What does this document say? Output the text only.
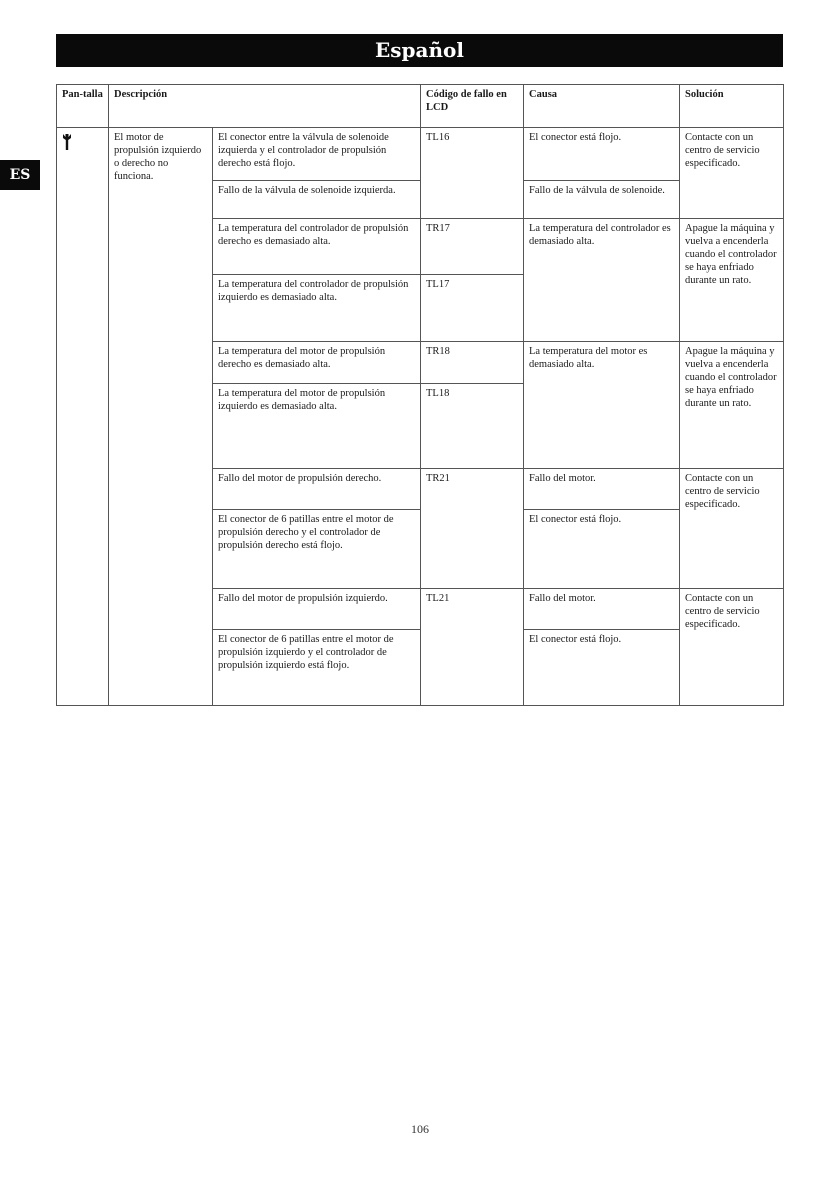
Español
ES
Pan-talla	Descripción		Código de fallo en LCD	Causa	Solución

	El motor de propulsión izquierdo o derecho no funciona.	El conector entre la válvula de solenoide izquierda y el controlador de propulsión derecho está flojo.	TL16	El conector está flojo.	Contacte con un centro de servicio especificado.
		Fallo de la válvula de solenoide izquierda.		Fallo de la válvula de solenoide.	
		La temperatura del controlador de propulsión derecho es demasiado alta.	TR17	La temperatura del controlador es demasiado alta.	Apague la máquina y vuelva a encenderla cuando el controlador se haya enfriado durante un rato.
		La temperatura del controlador de propulsión izquierdo es demasiado alta.	TL17		
		La temperatura del motor de propulsión derecho es demasiado alta.	TR18	La temperatura del motor es demasiado alta.	Apague la máquina y vuelva a encenderla cuando el controlador se haya enfriado durante un rato.
		La temperatura del motor de propulsión izquierdo es demasiado alta.	TL18		
		Fallo del motor de propulsión derecho.	TR21	Fallo del motor.	Contacte con un centro de servicio especificado.
		El conector de 6 patillas entre el motor de propulsión derecho y el controlador de propulsión derecho está flojo.		El conector está flojo.	
		Fallo del motor de propulsión izquierdo.	TL21	Fallo del motor.	Contacte con un centro de servicio especificado.
		El conector de 6 patillas entre el motor de propulsión izquierdo y el controlador de propulsión izquierdo está flojo.		El conector está flojo.	
106
